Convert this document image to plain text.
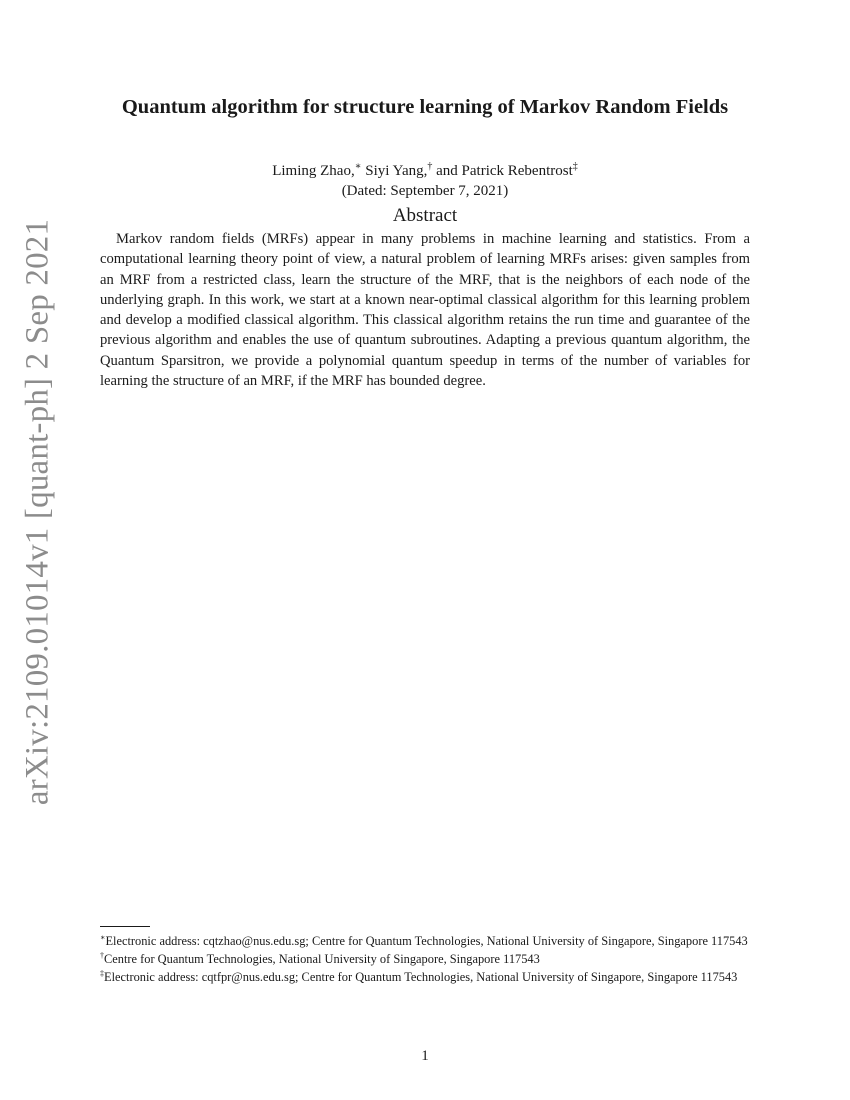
arXiv:2109.01014v1 [quant-ph] 2 Sep 2021
Quantum algorithm for structure learning of Markov Random Fields
Liming Zhao,∗ Siyi Yang,† and Patrick Rebentrost‡
(Dated: September 7, 2021)
Abstract

Markov random fields (MRFs) appear in many problems in machine learning and statistics. From a computational learning theory point of view, a natural problem of learning MRFs arises: given samples from an MRF from a restricted class, learn the structure of the MRF, that is the neighbors of each node of the underlying graph. In this work, we start at a known near-optimal classical algorithm for this learning problem and develop a modified classical algorithm. This classical algorithm retains the run time and guarantee of the previous algorithm and enables the use of quantum subroutines. Adapting a previous quantum algorithm, the Quantum Sparsitron, we provide a polynomial quantum speedup in terms of the number of variables for learning the structure of an MRF, if the MRF has bounded degree.

∗Electronic address: cqtzhao@nus.edu.sg; Centre for Quantum Technologies, National University of Singapore, Singapore 117543

†Centre for Quantum Technologies, National University of Singapore, Singapore 117543

‡Electronic address: cqtfpr@nus.edu.sg; Centre for Quantum Technologies, National University of Singapore, Singapore 117543

1
